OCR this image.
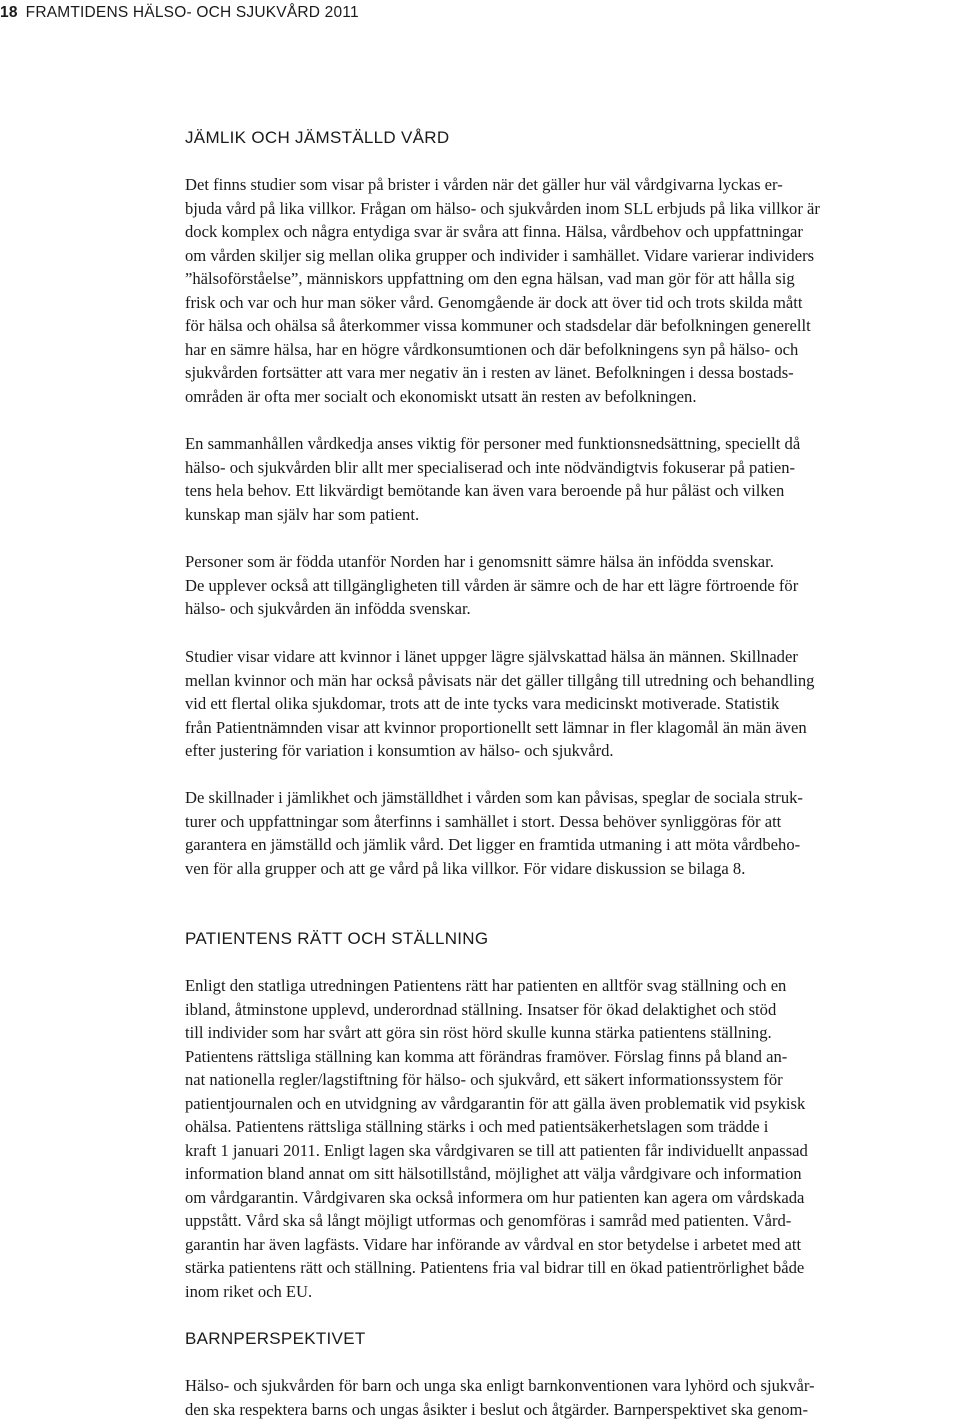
18 FRAMTIDENS HÄLSO- OCH SJUKVÅRD 2011
JÄMLIK OCH JÄMSTÄLLD VÅRD

Det finns studier som visar på brister i vården när det gäller hur väl vårdgivarna lyckas er-
bjuda vård på lika villkor. Frågan om hälso- och sjukvården inom SLL erbjuds på lika villkor är
dock komplex och några entydiga svar är svåra att finna. Hälsa, vårdbehov och uppfattningar
om vården skiljer sig mellan olika grupper och individer i samhället. Vidare varierar individers
”hälsoförståelse”, människors uppfattning om den egna hälsan, vad man gör för att hålla sig
frisk och var och hur man söker vård. Genomgående är dock att över tid och trots skilda mått
för hälsa och ohälsa så återkommer vissa kommuner och stadsdelar där befolkningen generellt
har en sämre hälsa, har en högre vårdkonsumtionen och där befolkningens syn på hälso- och
sjukvården fortsätter att vara mer negativ än i resten av länet. Befolkningen i dessa bostads-
områden är ofta mer socialt och ekonomiskt utsatt än resten av befolkningen.

En sammanhållen vårdkedja anses viktig för personer med funktionsnedsättning, speciellt då
hälso- och sjukvården blir allt mer specialiserad och inte nödvändigtvis fokuserar på patien-
tens hela behov. Ett likvärdigt bemötande kan även vara beroende på hur påläst och vilken
kunskap man själv har som patient.

Personer som är födda utanför Norden har i genomsnitt sämre hälsa än infödda svenskar.
De upplever också att tillgängligheten till vården är sämre och de har ett lägre förtroende för
hälso- och sjukvården än infödda svenskar.

Studier visar vidare att kvinnor i länet uppger lägre självskattad hälsa än männen. Skillnader
mellan kvinnor och män har också påvisats när det gäller tillgång till utredning och behandling
vid ett flertal olika sjukdomar, trots att de inte tycks vara medicinskt motiverade. Statistik
från Patientnämnden visar att kvinnor proportionellt sett lämnar in fler klagomål än män även
efter justering för variation i konsumtion av hälso- och sjukvård.

De skillnader i jämlikhet och jämställdhet i vården som kan påvisas, speglar de sociala struk-
turer och uppfattningar som återfinns i samhället i stort. Dessa behöver synliggöras för att
garantera en jämställd och jämlik vård. Det ligger en framtida utmaning i att möta vårdbeho-
ven för alla grupper och att ge vård på lika villkor. För vidare diskussion se bilaga 8.

PATIENTENS RÄTT OCH STÄLLNING

Enligt den statliga utredningen Patientens rätt har patienten en alltför svag ställning och en
ibland, åtminstone upplevd, underordnad ställning. Insatser för ökad delaktighet och stöd
till individer som har svårt att göra sin röst hörd skulle kunna stärka patientens ställning.
Patientens rättsliga ställning kan komma att förändras framöver. Förslag finns på bland an-
nat nationella regler/lagstiftning för hälso- och sjukvård, ett säkert informationssystem för
patientjournalen och en utvidgning av vårdgarantin för att gälla även problematik vid psykisk
ohälsa. Patientens rättsliga ställning stärks i och med patientsäkerhetslagen som trädde i
kraft 1 januari 2011. Enligt lagen ska vårdgivaren se till att patienten får individuellt anpassad
information bland annat om sitt hälsotillstånd, möjlighet att välja vårdgivare och information
om vårdgarantin. Vårdgivaren ska också informera om hur patienten kan agera om vårdskada
uppstått. Vård ska så långt möjligt utformas och genomföras i samråd med patienten. Vård-
garantin har även lagfästs. Vidare har införande av vårdval en stor betydelse i arbetet med att
stärka patientens rätt och ställning. Patientens fria val bidrar till en ökad patientrörlighet både
inom riket och EU.

BARNPERSPEKTIVET

Hälso- och sjukvården för barn och unga ska enligt barnkonventionen vara lyhörd och sjukvår-
den ska respektera barns och ungas åsikter i beslut och åtgärder. Barnperspektivet ska genom-
